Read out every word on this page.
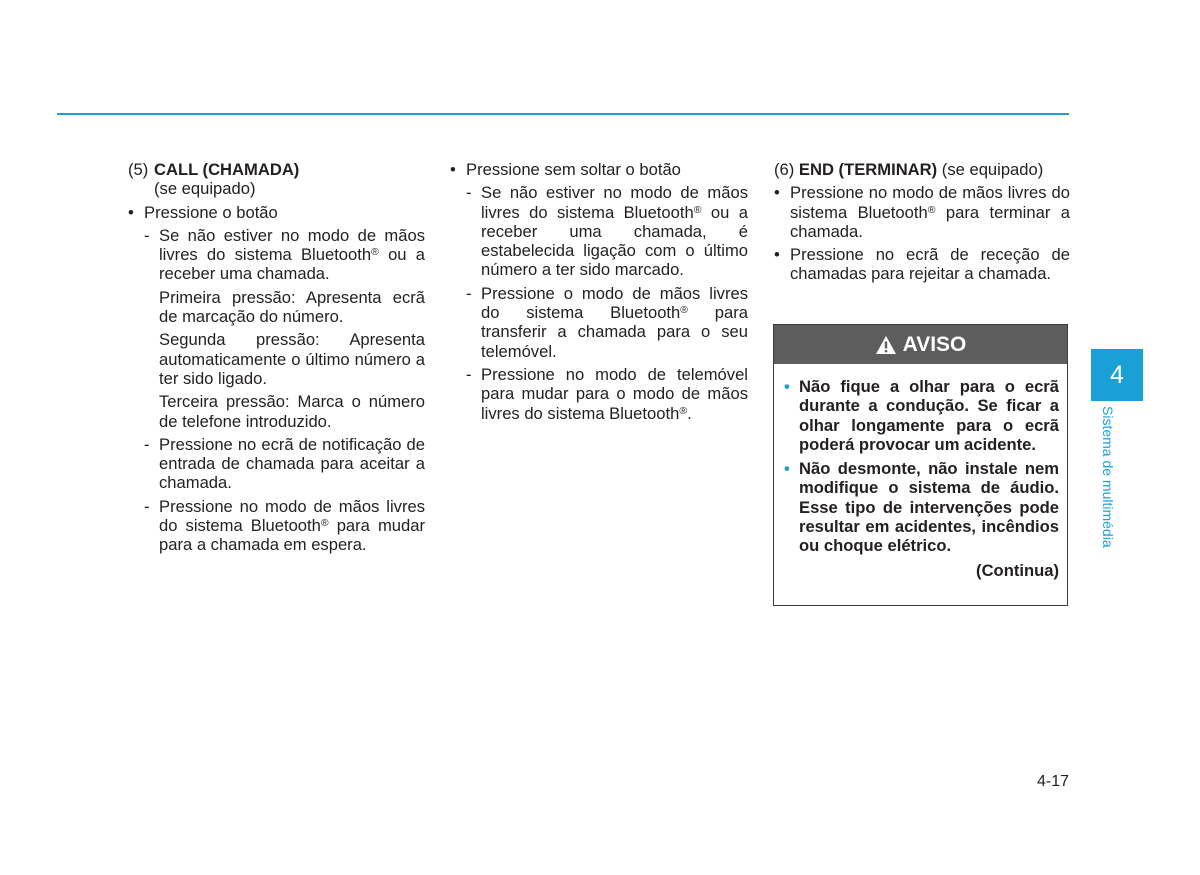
(5) CALL (CHAMADA)

(se equipado)

• Pressione o botão
- Se não estiver no modo de mãos livres do sistema Bluetooth® ou a receber uma chamada.

Primeira pressão: Apresenta ecrã de marcação do número.

Segunda pressão: Apresenta automaticamente o último número a ter sido ligado.

Terceira pressão: Marca o número de telefone introduzido.

- Pressione no ecrã de notificação de entrada de chamada para aceitar a chamada.

- Pressione no modo de mãos livres do sistema Bluetooth® para mudar para a chamada em espera.

• Pressione sem soltar o botão
- Se não estiver no modo de mãos livres do sistema Bluetooth® ou a receber uma chamada, é estabelecida ligação com o último número a ter sido marcado.

- Pressione o modo de mãos livres do sistema Bluetooth® para transferir a chamada para o seu telemóvel.

- Pressione no modo de telemóvel para mudar para o modo de mãos livres do sistema Bluetooth®.

(6) END (TERMINAR) (se equipado)

• Pressione no modo de mãos livres do sistema Bluetooth® para terminar a chamada.

• Pressione no ecrã de receção de chamadas para rejeitar a chamada.

AVISO
• Não fique a olhar para o ecrã durante a condução. Se ficar a olhar longamente para o ecrã poderá provocar um acidente.

• Não desmonte, não instale nem modifique o sistema de áudio. Esse tipo de intervenções pode resultar em acidentes, incêndios ou choque elétrico.

(Continua)

4
Sistema de multimédia
4-17
